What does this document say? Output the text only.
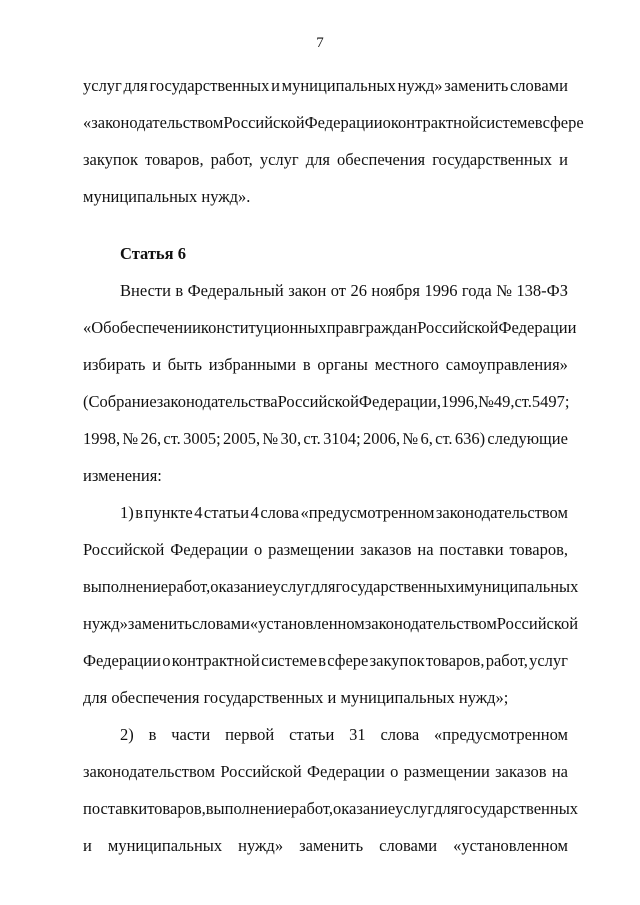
7
услуг для государственных и муниципальных нужд» заменить словами
«законодательством Российской Федерации о контрактной системе в сфере
закупок товаров, работ, услуг для обеспечения государственных и
муниципальных нужд».
Статья 6
Внести в Федеральный закон от 26 ноября 1996 года № 138-ФЗ
«Об обеспечении конституционных прав граждан Российской Федерации
избирать и быть избранными в органы местного самоуправления»
(Собрание законодательства Российской Федерации, 1996, № 49, ст. 5497;
1998, № 26, ст. 3005; 2005, № 30, ст. 3104; 2006, № 6, ст. 636) следующие
изменения:
1) в пункте 4 статьи 4 слова «предусмотренном законодательством
Российской Федерации о размещении заказов на поставки товаров,
выполнение работ, оказание услуг для государственных и муниципальных
нужд» заменить словами «установленном законодательством Российской
Федерации о контрактной системе в сфере закупок товаров, работ, услуг
для обеспечения государственных и муниципальных нужд»;
2) в части первой статьи 31 слова «предусмотренном
законодательством Российской Федерации о размещении заказов на
поставки товаров, выполнение работ, оказание услуг для государственных
и муниципальных нужд» заменить словами «установленном
